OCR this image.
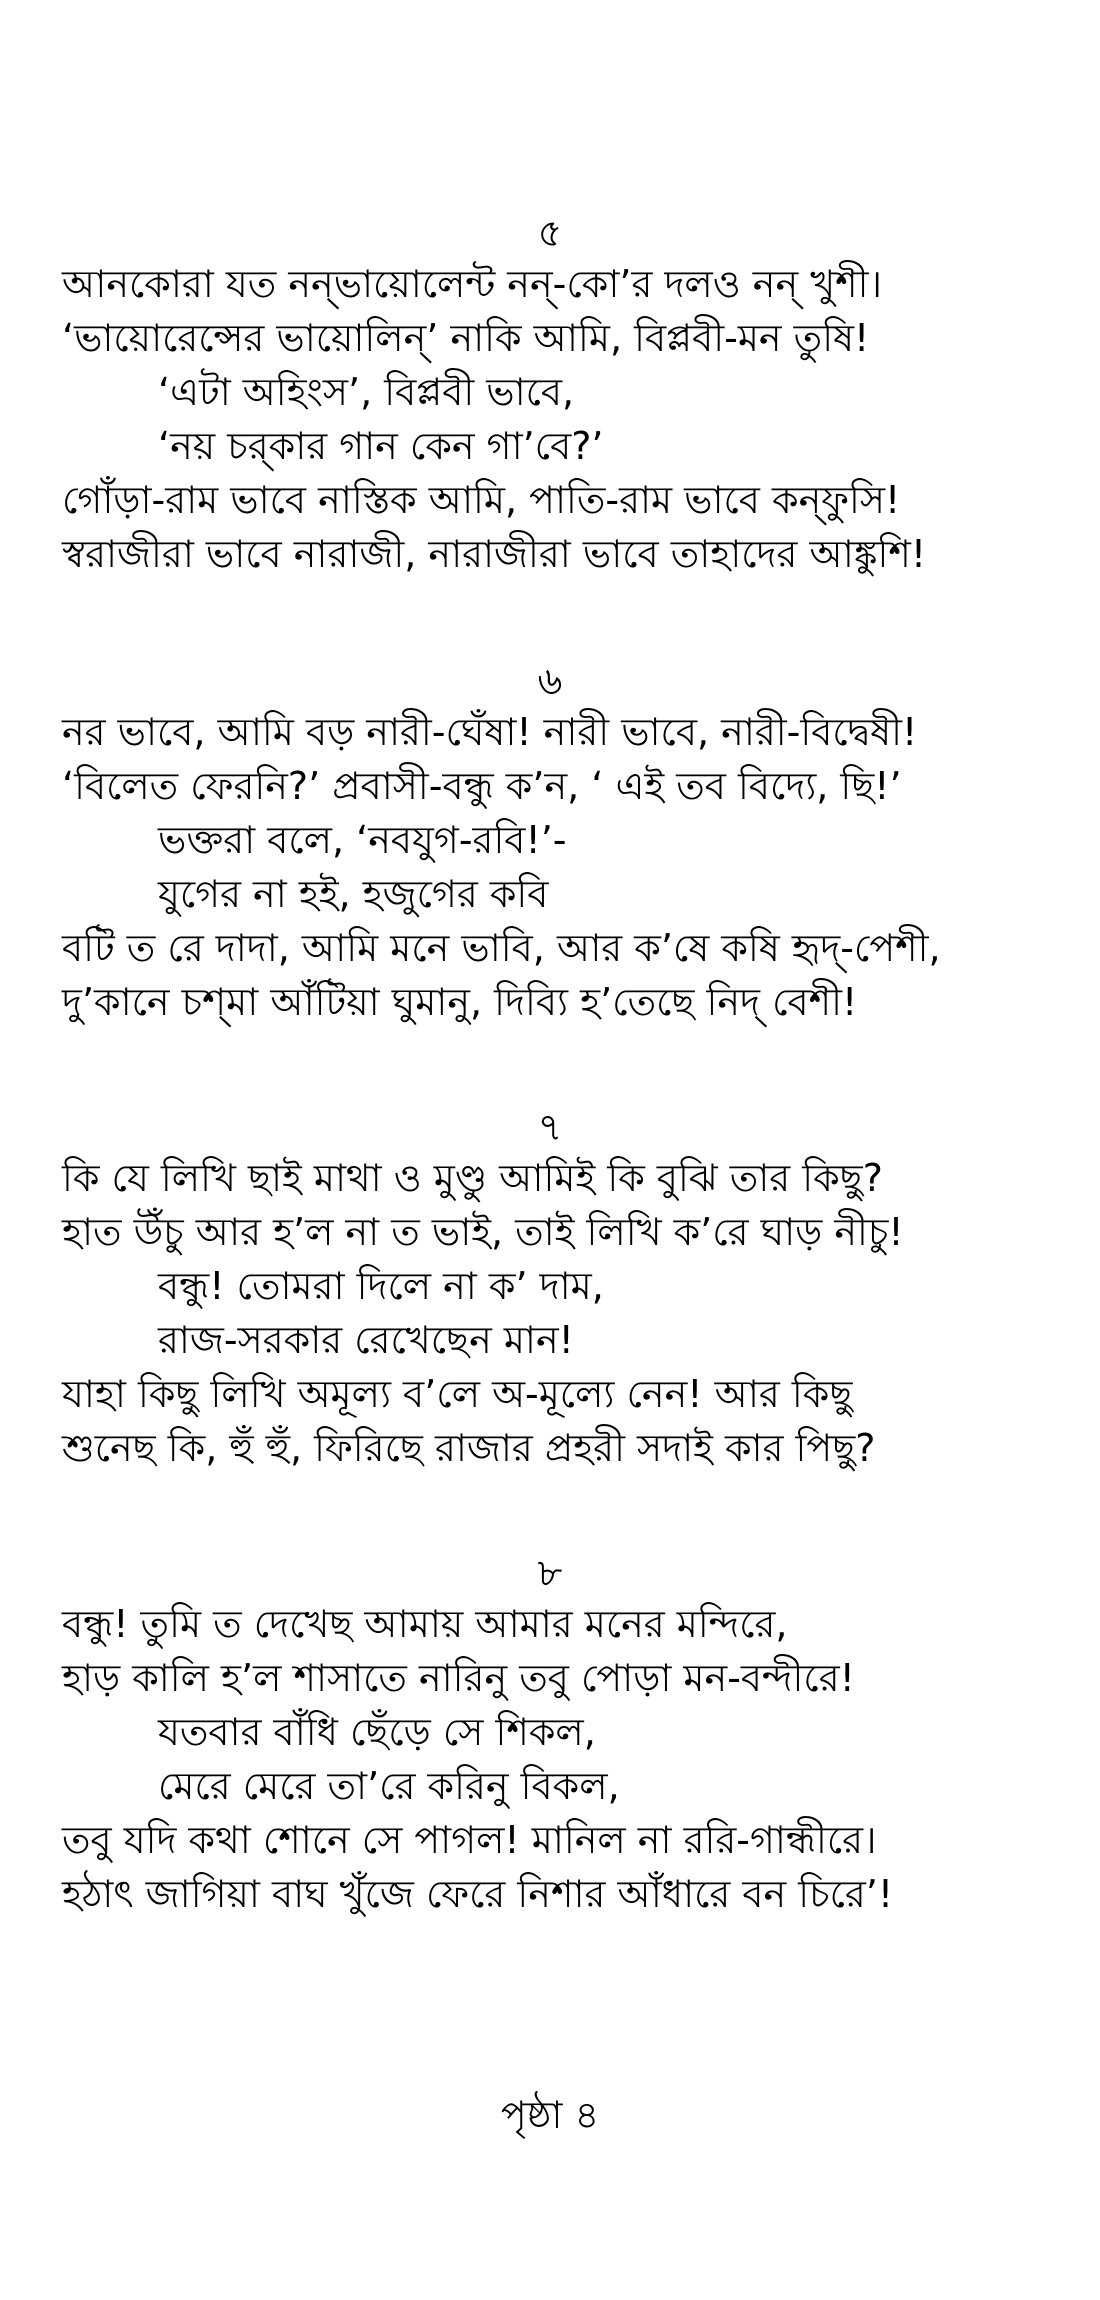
৫
আনকোরা যত নন্‌ভায়োলেন্ট নন্-কো’র দলও নন্ খুশী।
‘ভায়োরেন্সের ভায়োলিন্’ নাকি আমি, বিপ্লবী-মন তুষি!
‘এটা অহিংস’, বিপ্লবী ভাবে,
‘নয় চর্‌কার গান কেন গা’বে?’
গোঁড়া-রাম ভাবে নাস্তিক আমি, পাতি-রাম ভাবে কন্‌ফুসি!
স্বরাজীরা ভাবে নারাজী, নারাজীরা ভাবে তাহাদের আঙ্কুশি!
৬
নর ভাবে, আমি বড় নারী-ঘেঁষা! নারী ভাবে, নারী-বিদ্বেষী!
‘বিলেত ফেরনি?’ প্রবাসী-বন্ধু ক’ন, ‘ এই তব বিদ্যে, ছি!’
ভক্তরা বলে, ‘নবযুগ-রবি!’-
যুগের না হই, হজুগের কবি
বটি ত রে দাদা, আমি মনে ভাবি, আর ক’ষে কষি হৃদ্-পেশী,
দু’কানে চশ্‌মা আঁটিয়া ঘুমানু, দিব্যি হ’তেছে নিদ্ বেশী!
৭
কি যে লিখি ছাই মাথা ও মুণ্ডু আমিই কি বুঝি তার কিছু?
হাত উঁচু আর হ’ল না ত ভাই, তাই লিখি ক’রে ঘাড় নীচু!
বন্ধু! তোমরা দিলে না ক’ দাম,
রাজ-সরকার রেখেছেন মান!
যাহা কিছু লিখি অমূল্য ব’লে অ-মূল্যে নেন! আর কিছু
শুনেছ কি, হুঁ হুঁ, ফিরিছে রাজার প্রহরী সদাই কার পিছু?
৮
বন্ধু! তুমি ত দেখেছ আমায় আমার মনের মন্দিরে,
হাড় কালি হ’ল শাসাতে নারিনু তবু পোড়া মন-বন্দীরে!
যতবার বাঁধি ছেঁড়ে সে শিকল,
মেরে মেরে তা’রে করিনু বিকল,
তবু যদি কথা শোনে সে পাগল! মানিল না ররি-গান্ধীরে।
হঠাৎ জাগিয়া বাঘ খুঁজে ফেরে নিশার আঁধারে বন চিরে’!
পৃষ্ঠা ৪
